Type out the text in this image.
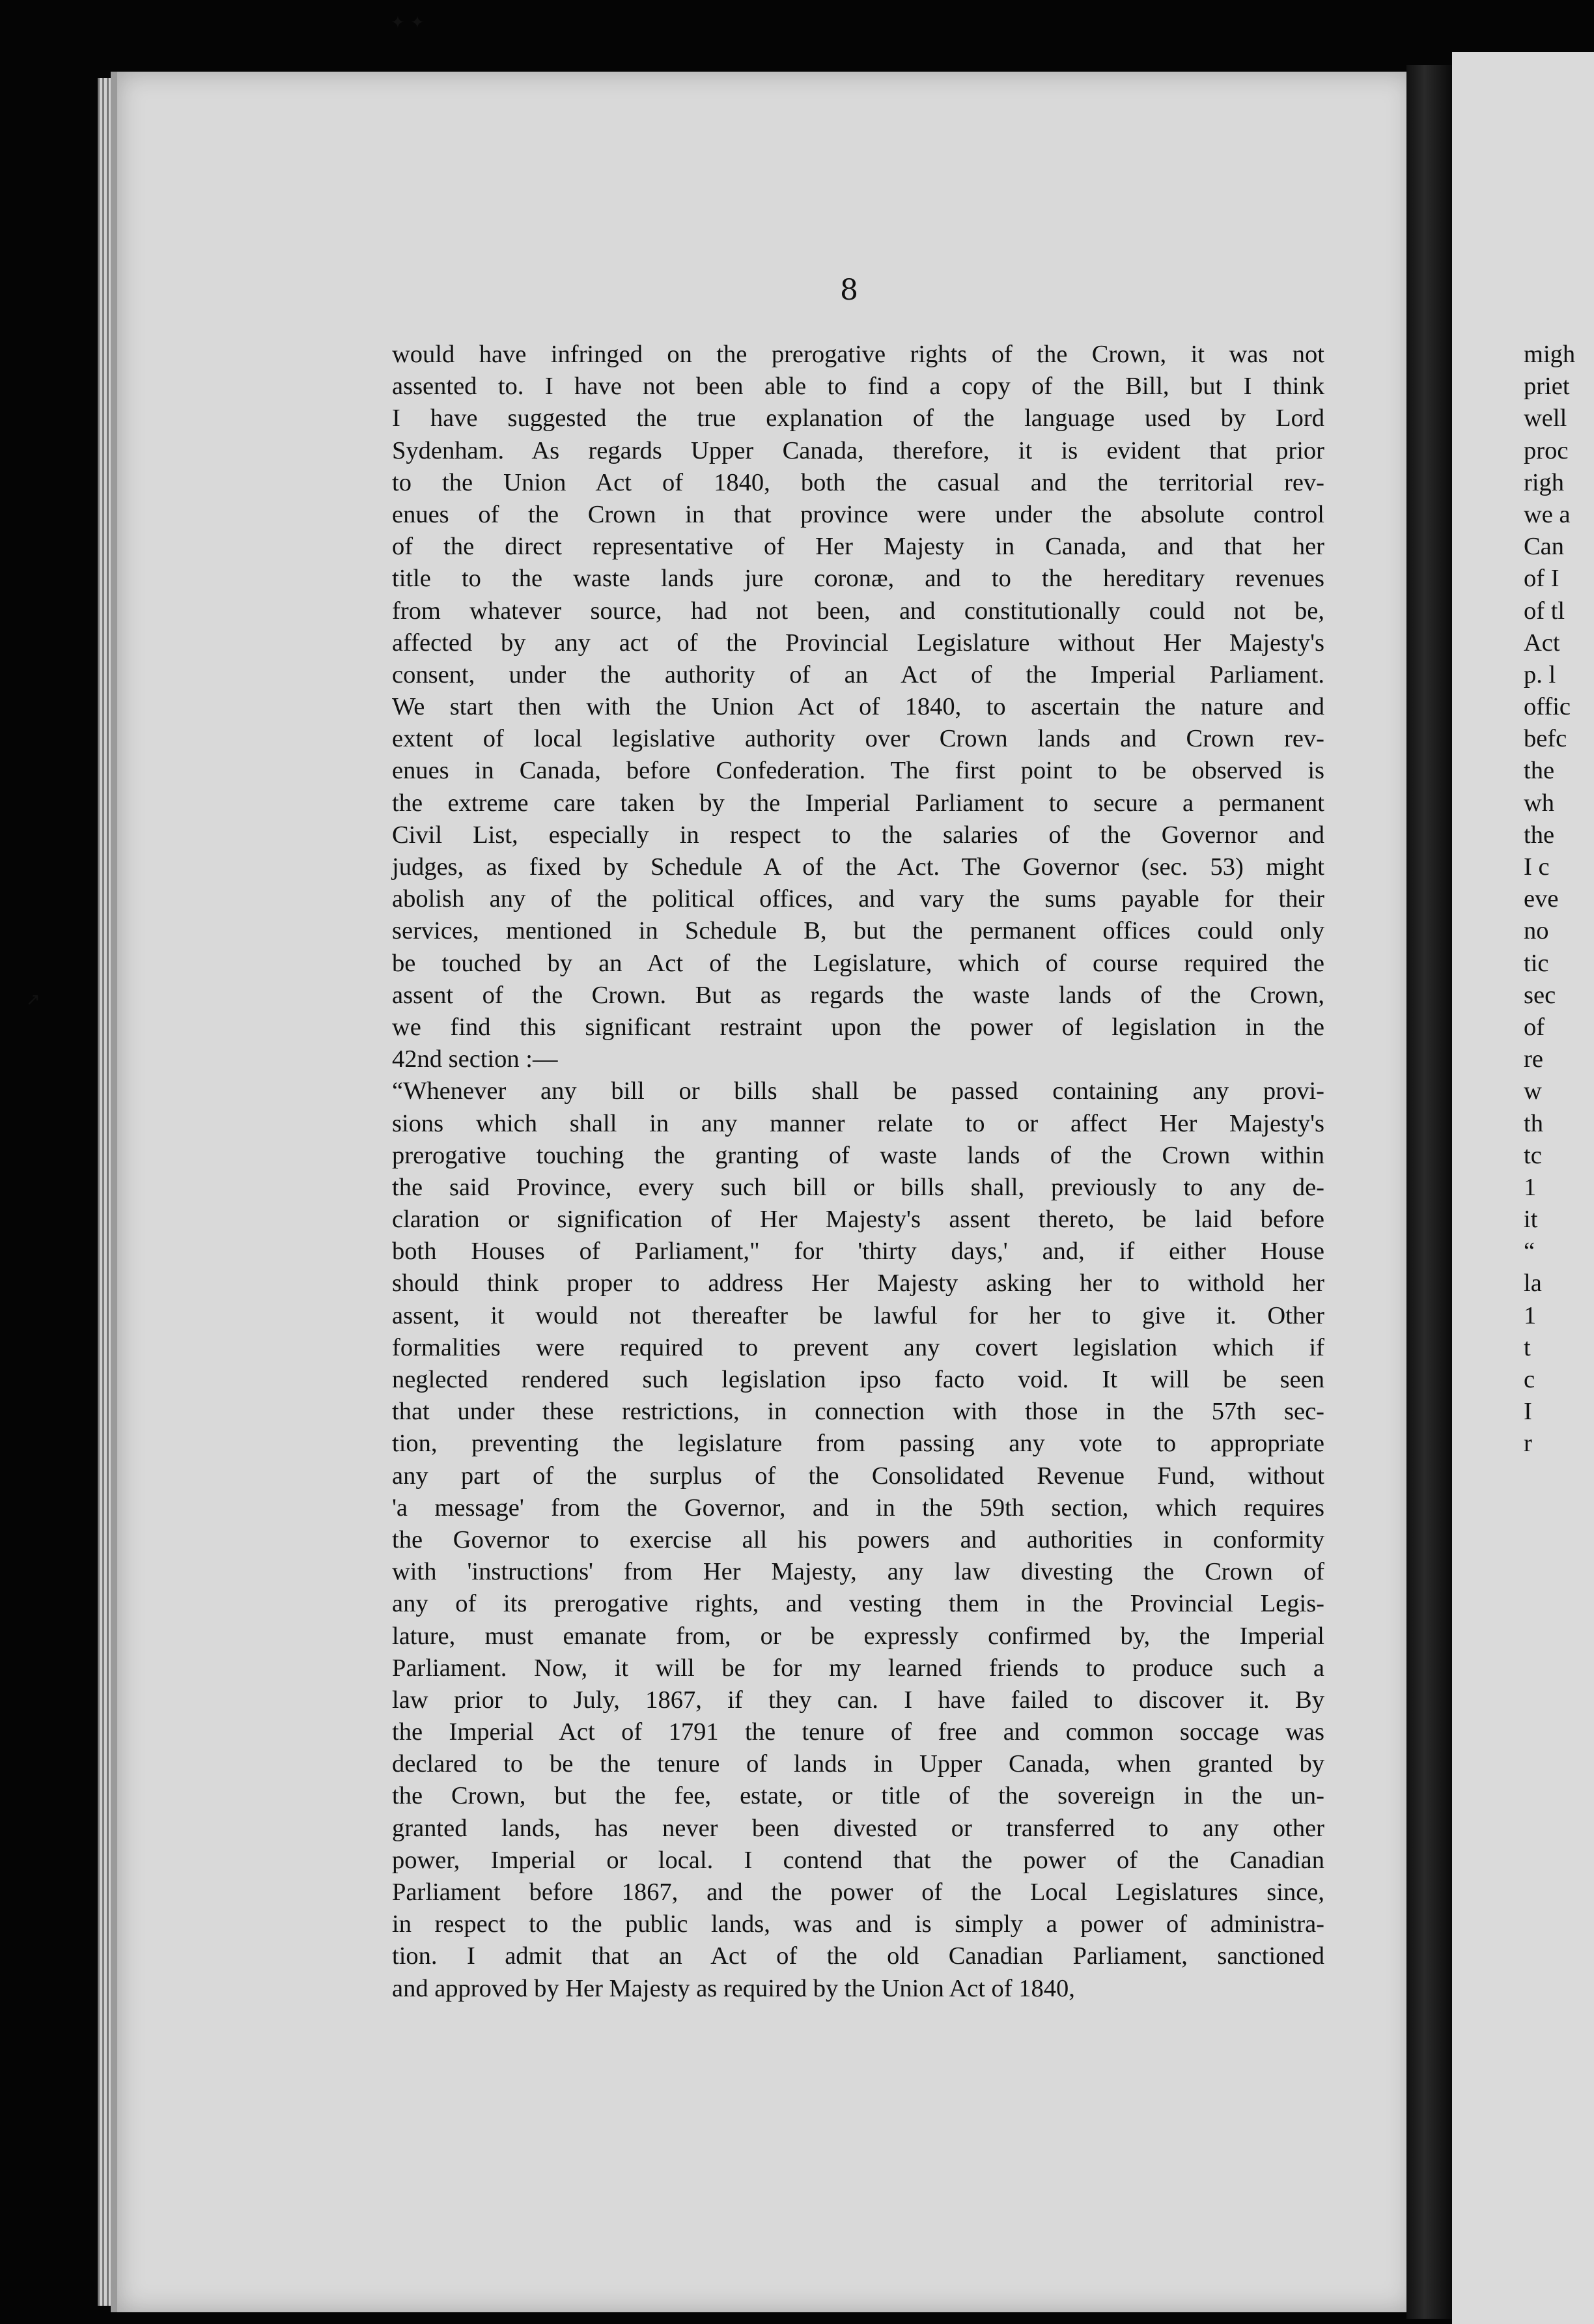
8
would have infringed on the prerogative rights of the Crown, it was not
assented to. I have not been able to find a copy of the Bill, but I think
I have suggested the true explanation of the language used by Lord
Sydenham. As regards Upper Canada, therefore, it is evident that prior
to the Union Act of 1840, both the casual and the territorial rev-
enues of the Crown in that province were under the absolute control
of the direct representative of Her Majesty in Canada, and that her
title to the waste lands jure coronæ, and to the hereditary revenues
from whatever source, had not been, and constitutionally could not be,
affected by any act of the Provincial Legislature without Her Majesty's
consent, under the authority of an Act of the Imperial Parliament.
We start then with the Union Act of 1840, to ascertain the nature and
extent of local legislative authority over Crown lands and Crown rev-
enues in Canada, before Confederation. The first point to be observed is
the extreme care taken by the Imperial Parliament to secure a permanent
Civil List, especially in respect to the salaries of the Governor and
judges, as fixed by Schedule A of the Act. The Governor (sec. 53) might
abolish any of the political offices, and vary the sums payable for their
services, mentioned in Schedule B, but the permanent offices could only
be touched by an Act of the Legislature, which of course required the
assent of the Crown. But as regards the waste lands of the Crown,
we find this significant restraint upon the power of legislation in the
42nd section :—
“Whenever any bill or bills shall be passed containing any provi-
sions which shall in any manner relate to or affect Her Majesty's
prerogative touching the granting of waste lands of the Crown within
the said Province, every such bill or bills shall, previously to any de-
claration or signification of Her Majesty's assent thereto, be laid before
both Houses of Parliament," for 'thirty days,' and, if either House
should think proper to address Her Majesty asking her to withold her
assent, it would not thereafter be lawful for her to give it. Other
formalities were required to prevent any covert legislation which if
neglected rendered such legislation ipso facto void. It will be seen
that under these restrictions, in connection with those in the 57th sec-
tion, preventing the legislature from passing any vote to appropriate
any part of the surplus of the Consolidated Revenue Fund, without
'a message' from the Governor, and in the 59th section, which requires
the Governor to exercise all his powers and authorities in conformity
with 'instructions' from Her Majesty, any law divesting the Crown of
any of its prerogative rights, and vesting them in the Provincial Legis-
lature, must emanate from, or be expressly confirmed by, the Imperial
Parliament. Now, it will be for my learned friends to produce such a
law prior to July, 1867, if they can. I have failed to discover it. By
the Imperial Act of 1791 the tenure of free and common soccage was
declared to be the tenure of lands in Upper Canada, when granted by
the Crown, but the fee, estate, or title of the sovereign in the un-
granted lands, has never been divested or transferred to any other
power, Imperial or local. I contend that the power of the Canadian
Parliament before 1867, and the power of the Local Legislatures since,
in respect to the public lands, was and is simply a power of administra-
tion. I admit that an Act of the old Canadian Parliament, sanctioned
and approved by Her Majesty as required by the Union Act of 1840,
migh
priet
well
proc
righ
we a
Can
of I
of tl
Act
p. l
offic
befc
the
wh
the
I c
eve
no
tic
sec
of
re
w
th
tc
1
it
“
la
1
t
c
I
r
✦ ✦
↗
